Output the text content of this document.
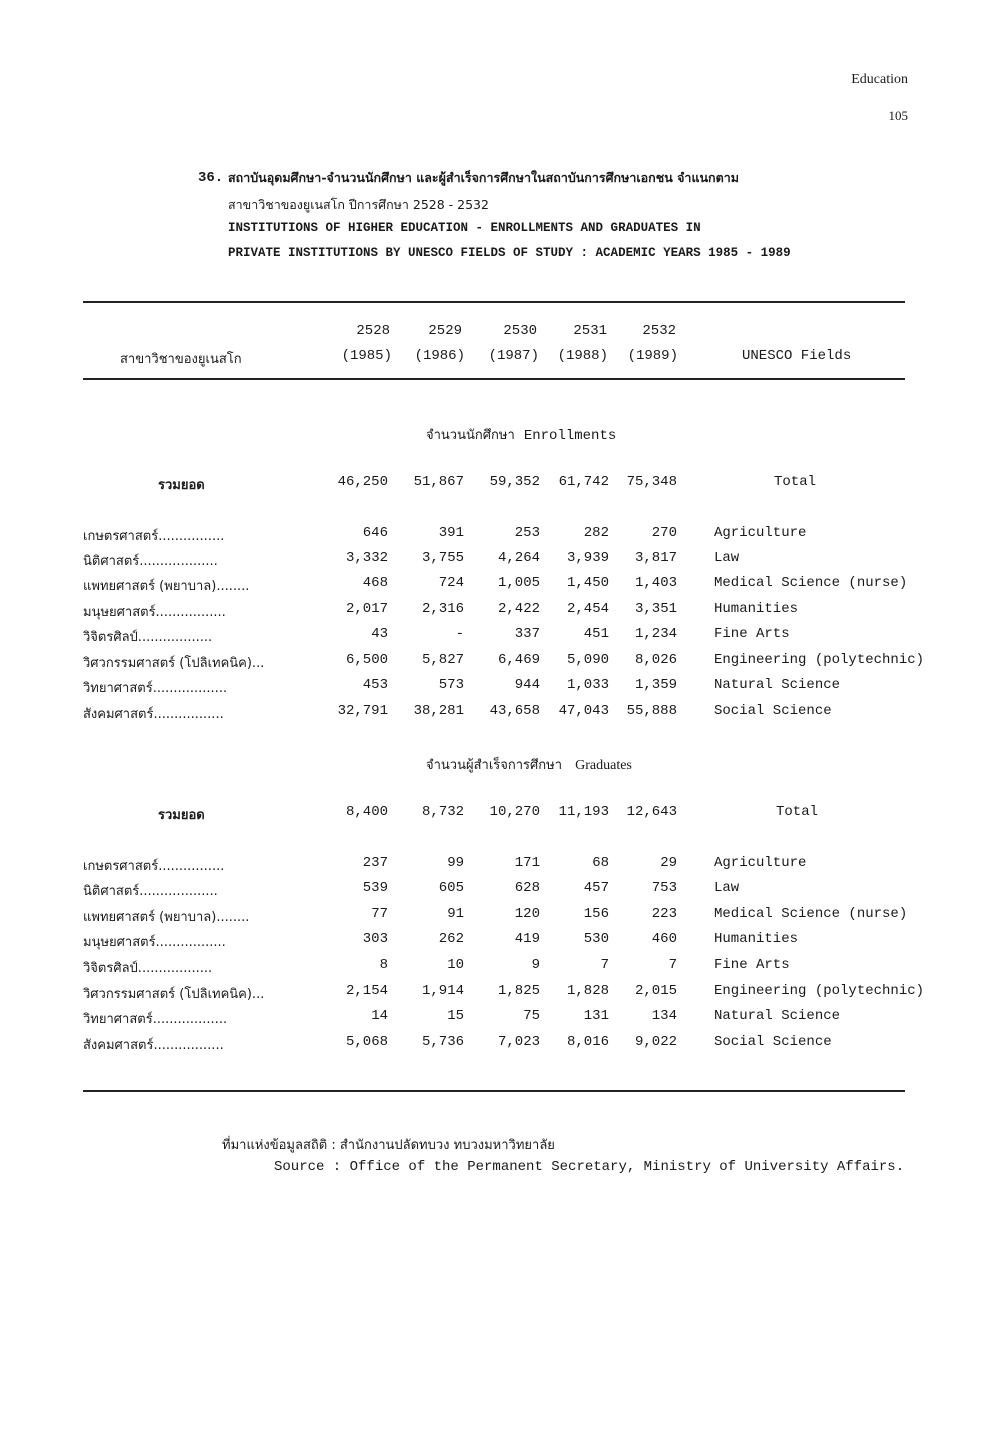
Education
105
36. สถาบันอุดมศึกษา-จำนวนนักศึกษา และผู้สำเร็จการศึกษาในสถาบันการศึกษาเอกชน จำแนกตาม
สาขาวิชาของยูเนสโก ปีการศึกษา 2528 - 2532
INSTITUTIONS OF HIGHER EDUCATION - ENROLLMENTS AND GRADUATES IN
PRIVATE INSTITUTIONS BY UNESCO FIELDS OF STUDY : ACADEMIC YEARS 1985 - 1989
สาขาวิชาของยูเนสโก
2528	2529	2530	2531	2532
(1985)	(1986)	(1987)	(1988)	(1989)	UNESCO Fields
จำนวนนักศึกษา Enrollments
รวมยอด	46,250	51,867	59,352	61,742	75,348	Total
เกษตรศาสตร์................	646	391	253	282	270	Agriculture
นิติศาสตร์...................	3,332	3,755	4,264	3,939	3,817	Law
แพทยศาสตร์ (พยาบาล)........	468	724	1,005	1,450	1,403	Medical Science (nurse)
มนุษยศาสตร์.................	2,017	2,316	2,422	2,454	3,351	Humanities
วิจิตรศิลป์..................	43	-	337	451	1,234	Fine Arts
วิศวกรรมศาสตร์ (โปลิเทคนิค)...	6,500	5,827	6,469	5,090	8,026	Engineering (polytechnic)
วิทยาศาสตร์..................	453	573	944	1,033	1,359	Natural Science
สังคมศาสตร์.................	32,791	38,281	43,658	47,043	55,888	Social Science
จำนวนผู้สำเร็จการศึกษา Graduates
รวมยอด	8,400	8,732	10,270	11,193	12,643	Total
เกษตรศาสตร์................	237	99	171	68	29	Agriculture
นิติศาสตร์...................	539	605	628	457	753	Law
แพทยศาสตร์ (พยาบาล)........	77	91	120	156	223	Medical Science (nurse)
มนุษยศาสตร์.................	303	262	419	530	460	Humanities
วิจิตรศิลป์..................	8	10	9	7	7	Fine Arts
วิศวกรรมศาสตร์ (โปลิเทคนิค)...	2,154	1,914	1,825	1,828	2,015	Engineering (polytechnic)
วิทยาศาสตร์..................	14	15	75	131	134	Natural Science
สังคมศาสตร์.................	5,068	5,736	7,023	8,016	9,022	Social Science
ที่มาแห่งข้อมูลสถิติ : สำนักงานปลัดทบวง ทบวงมหาวิทยาลัย
Source : Office of the Permanent Secretary, Ministry of University Affairs.
